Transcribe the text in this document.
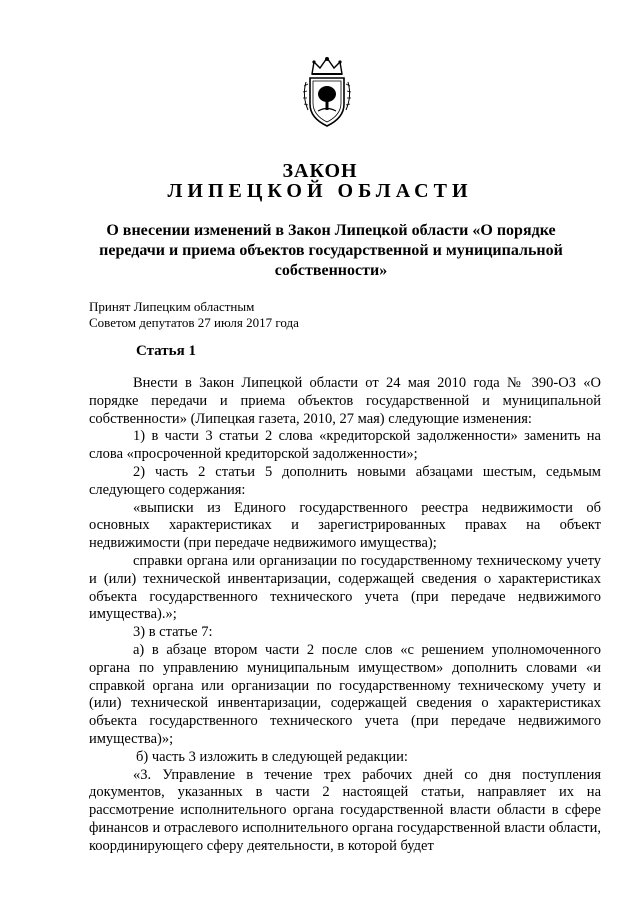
ЗАКОН
ЛИПЕЦКОЙ ОБЛАСТИ
О внесении изменений в Закон Липецкой области «О порядке передачи и приема объектов государственной и муниципальной собственности»
Принят Липецким областным
Советом депутатов 27 июля 2017 года
Статья 1

Внести в Закон Липецкой области от 24 мая 2010 года № 390-ОЗ «О порядке передачи и приема объектов государственной и муниципальной собственности» (Липецкая газета, 2010, 27 мая) следующие изменения:

1) в части 3 статьи 2 слова «кредиторской задолженности» заменить на слова «просроченной кредиторской задолженности»;

2) часть 2 статьи 5 дополнить новыми абзацами шестым, седьмым следующего содержания:

«выписки из Единого государственного реестра недвижимости об основных характеристиках и зарегистрированных правах на объект недвижимости (при передаче недвижимого имущества);

справки органа или организации по государственному техническому учету и (или) технической инвентаризации, содержащей сведения о характеристиках объекта государственного технического учета (при передаче недвижимого имущества).»;

3) в статье 7:

а) в абзаце втором части 2 после слов «с решением уполномоченного органа по управлению муниципальным имуществом» дополнить словами «и справкой органа или организации по государственному техническому учету и (или) технической инвентаризации, содержащей сведения о характеристиках объекта государственного технического учета (при передаче недвижимого имущества)»;

б) часть 3 изложить в следующей редакции:

«3. Управление в течение трех рабочих дней со дня поступления документов, указанных в части 2 настоящей статьи, направляет их на рассмотрение исполнительного органа государственной власти области в сфере финансов и отраслевого исполнительного органа государственной власти области, координирующего сферу деятельности, в которой будет
